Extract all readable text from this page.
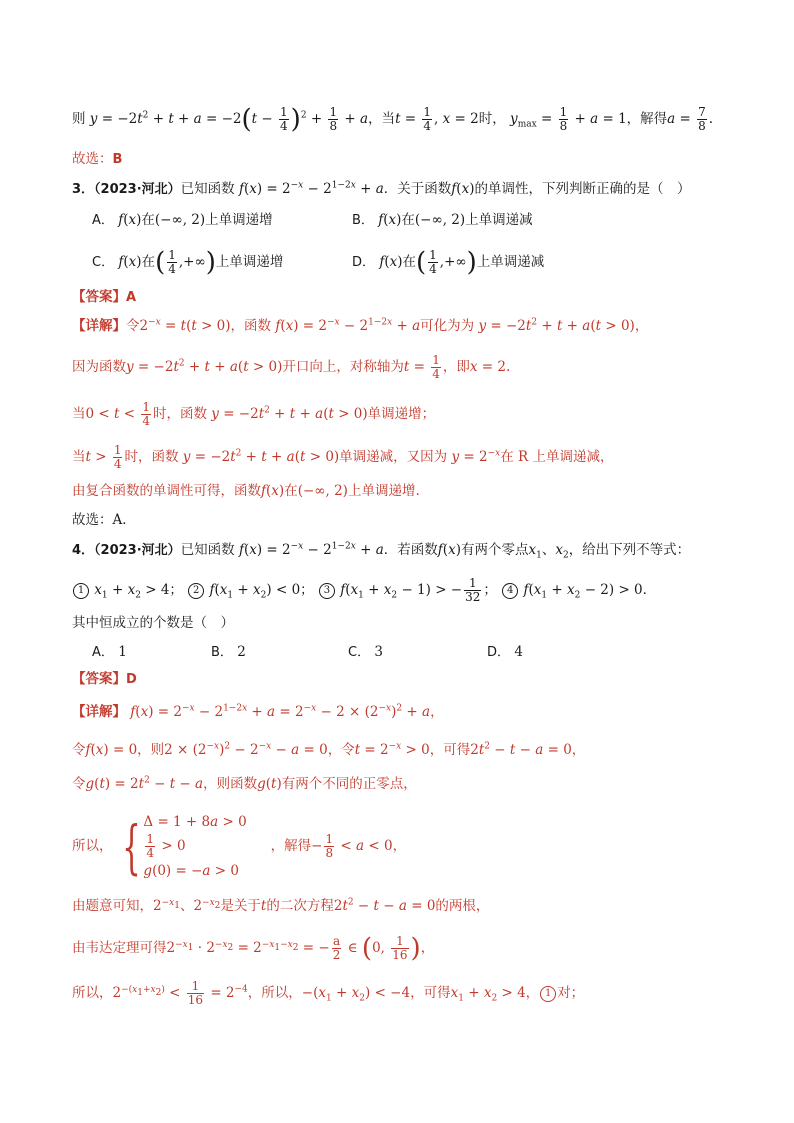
则 $y = -2t^2 + t + a = -2(t - \frac{1}{4} )^2 + \frac{1}{8} + a$，当$t = \frac{1}{4}$ , x = 2时， $y_{max} = \frac{1}{8} + a = 1$，解得$a = \frac{7}{8}$ .
故选：B
3．（2023·河北）已知函数 $f(x) = 2^{-x} - 2^{1-2x} + a$．关于函数f(x)的单调性，下列判断正确的是（　）
A． f(x)在(−∞, 2)上单调递增	B． f(x)在(−∞, 2)上单调递减
C． f(x)在( $\frac{1}{4}$ ,+∞)上单调递增	D． f(x)在( $\frac{1}{4}$ ,+∞)上单调递减
【答案】A
【详解】令$2^{-x} = t(t > 0)$，函数 $f(x) = 2^{-x} - 2^{1-2x} + a$可化为为 $y = -2t^2 + t + a(t > 0)$，
因为函数$y = -2t^2 + t + a(t > 0)$开口向上，对称轴为$t = \frac{1}{4}$ ，即x = 2.
当$0 < t < \frac{1}{4}$ 时，函数 $y = -2t^2 + t + a(t > 0)$单调递增；
当$t > \frac{1}{4}$ 时，函数 $y = -2t^2 + t + a(t > 0)$单调递减，又因为 $y = 2^{-x}$在 R 上单调递减，
由复合函数的单调性可得，函数f(x)在(−∞, 2)上单调递增.
故选：A．
4．（2023·河北）已知函数 $f(x) = 2^{-x} - 2^{1-2x} + a$．若函数f(x)有两个零点$x_1$、$x_2$，给出下列不等式：
1 $x_1 + x_2 > 4$； 2 $f(x_1 + x_2) < 0$； 3 $f(x_1 + x_2 - 1)$ > − $\frac{1}{32}$ ； 4 $f(x_1 + x_2 - 2) > 0$．
其中恒成立的个数是（　）
A． 1	B． 2	C． 3	D． 4
【答案】D
【详解】 $f(x) = 2^{-x} - 2^{1-2x} + a = 2^{-x} - 2 \times (2^{-x})^2 + a$，
令f(x) = 0，则$2 \times (2^{-x})^2 - 2^{-x} - a = 0$，令$t = 2^{-x} > 0$，可得$2t^2 - t - a = 0$，
令$g(t) = 2t^2 - t - a$，则函数g(t)有两个不同的正零点，
所以， { Δ = 1 + 8a > 0
$\frac{1}{4} > 0$
g(0) = −a > 0
，解得− $\frac{1}{8} < a < 0$，
由题意可知，$2^{-x_1}$、$2^{-x_2}$是关于t的二次方程$2t^2 - t - a = 0$的两根，
由韦达定理可得$2^{-x_1} \cdot 2^{-x_2} = 2^{-x_1-x_2}$ = − $\frac{a}{2}$ ∈ (0, $\frac{1}{16}$ )，
所以，$2^{-(x_1+x_2)} < \frac{1}{16} = 2^{-4}$，所以，$-(x_1 + x_2) < -4$，可得$x_1 + x_2 > 4$， 1 对；
